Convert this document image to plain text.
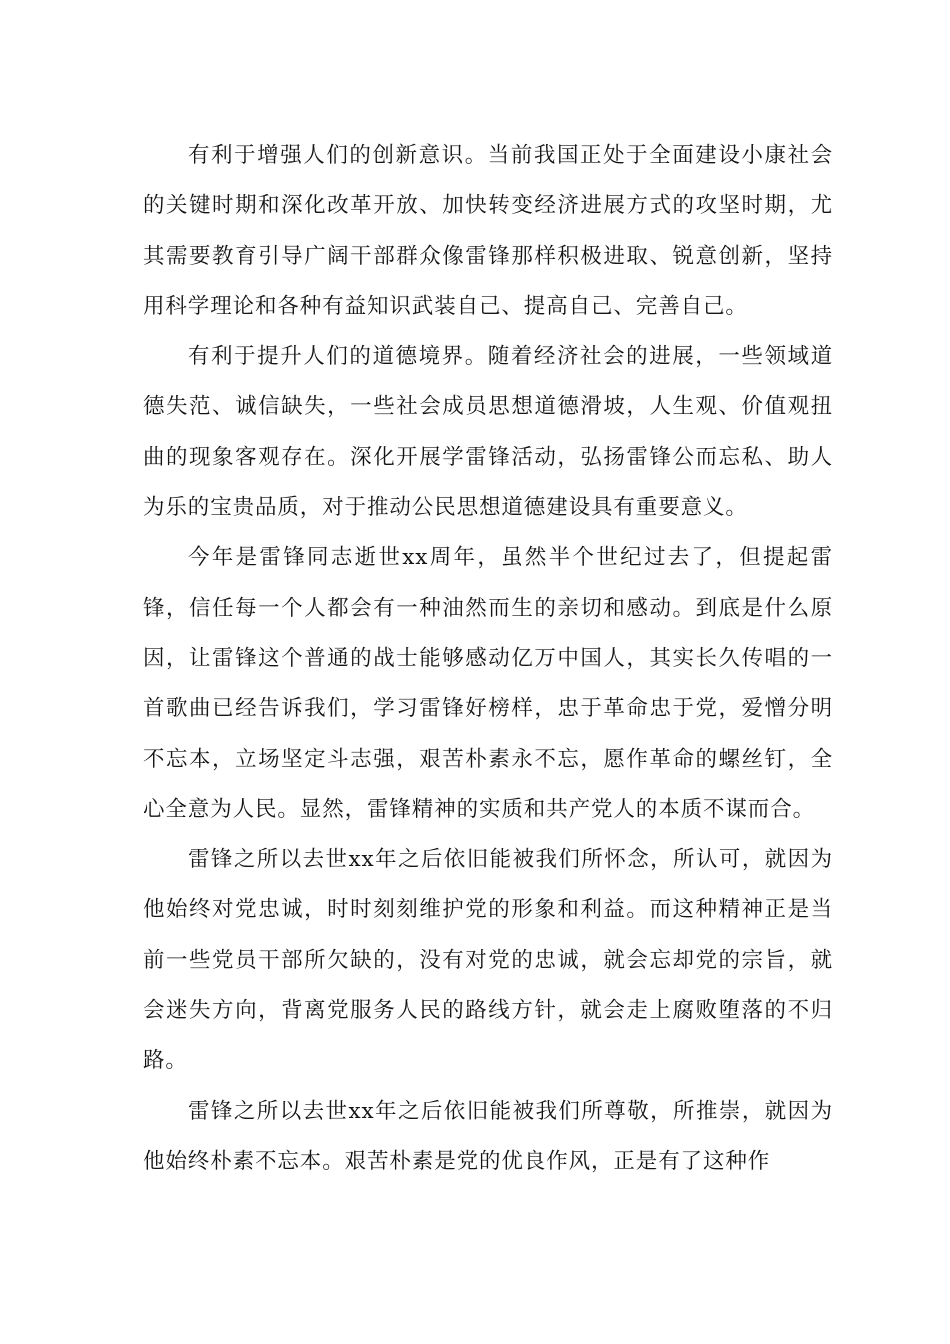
有利于增强人们的创新意识。当前我国正处于全面建设小康社会的关键时期和深化改革开放、加快转变经济进展方式的攻坚时期，尤其需要教育引导广阔干部群众像雷锋那样积极进取、锐意创新，坚持用科学理论和各种有益知识武装自己、提高自己、完善自己。

有利于提升人们的道德境界。随着经济社会的进展，一些领域道德失范、诚信缺失，一些社会成员思想道德滑坡，人生观、价值观扭曲的现象客观存在。深化开展学雷锋活动，弘扬雷锋公而忘私、助人为乐的宝贵品质，对于推动公民思想道德建设具有重要意义。

今年是雷锋同志逝世xx周年，虽然半个世纪过去了，但提起雷锋，信任每一个人都会有一种油然而生的亲切和感动。到底是什么原因，让雷锋这个普通的战士能够感动亿万中国人，其实长久传唱的一首歌曲已经告诉我们，学习雷锋好榜样，忠于革命忠于党，爱憎分明不忘本，立场坚定斗志强，艰苦朴素永不忘，愿作革命的螺丝钉，全心全意为人民。显然，雷锋精神的实质和共产党人的本质不谋而合。

雷锋之所以去世xx年之后依旧能被我们所怀念，所认可，就因为他始终对党忠诚，时时刻刻维护党的形象和利益。而这种精神正是当前一些党员干部所欠缺的，没有对党的忠诚，就会忘却党的宗旨，就会迷失方向，背离党服务人民的路线方针，就会走上腐败堕落的不归路。

雷锋之所以去世xx年之后依旧能被我们所尊敬，所推崇，就因为他始终朴素不忘本。艰苦朴素是党的优良作风，正是有了这种作
